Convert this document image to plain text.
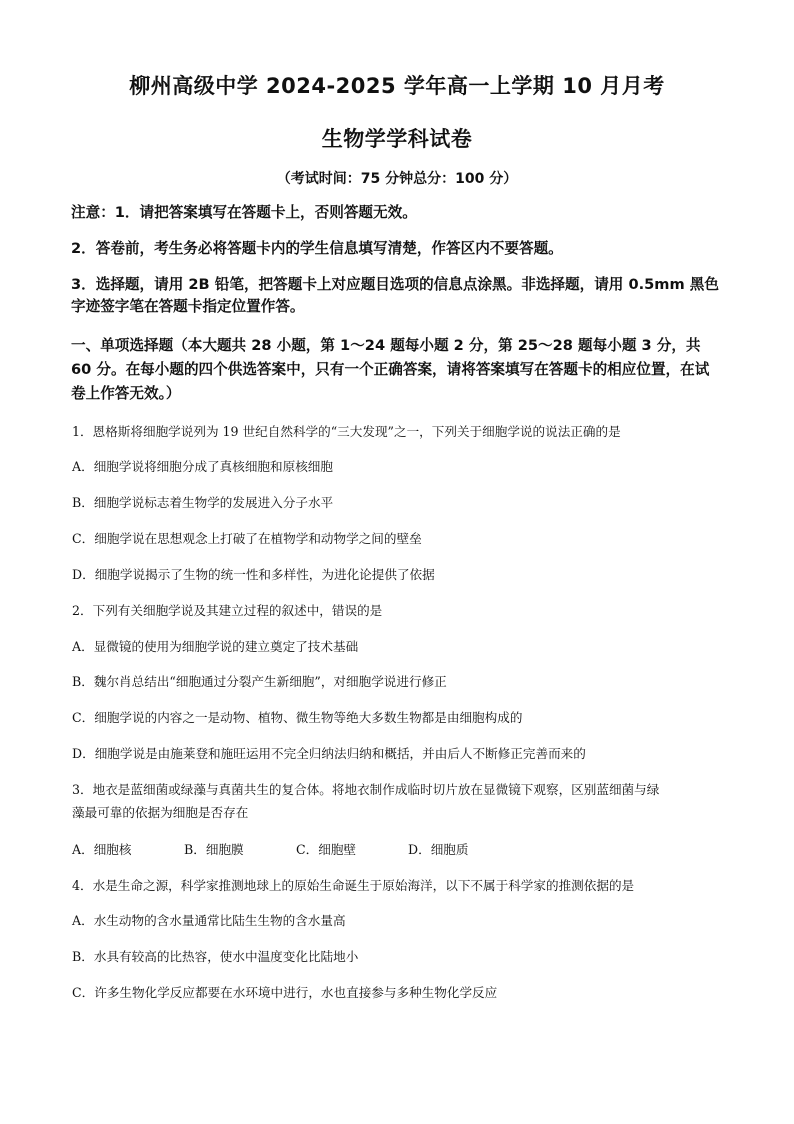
柳州高级中学 2024-2025 学年高一上学期 10 月月考
生物学学科试卷
（考试时间：75 分钟总分：100 分）

注意：1．请把答案填写在答题卡上，否则答题无效。

2．答卷前，考生务必将答题卡内的学生信息填写清楚，作答区内不要答题。

3．选择题，请用 2B 铅笔，把答题卡上对应题目选项的信息点涂黑。非选择题，请用 0.5mm 黑色字迹签字笔在答题卡指定位置作答。

一、单项选择题（本大题共 28 小题，第 1～24 题每小题 2 分，第 25～28 题每小题 3 分，共 60 分。在每小题的四个供选答案中，只有一个正确答案，请将答案填写在答题卡的相应位置，在试卷上作答无效。）

1．恩格斯将细胞学说列为 19 世纪自然科学的“三大发现”之一，下列关于细胞学说的说法正确的是

A．细胞学说将细胞分成了真核细胞和原核细胞

B．细胞学说标志着生物学的发展进入分子水平

C．细胞学说在思想观念上打破了在植物学和动物学之间的壁垒

D．细胞学说揭示了生物的统一性和多样性，为进化论提供了依据

2．下列有关细胞学说及其建立过程的叙述中，错误的是

A．显微镜的使用为细胞学说的建立奠定了技术基础

B．魏尔肖总结出“细胞通过分裂产生新细胞”，对细胞学说进行修正

C．细胞学说的内容之一是动物、植物、微生物等绝大多数生物都是由细胞构成的

D．细胞学说是由施莱登和施旺运用不完全归纳法归纳和概括，并由后人不断修正完善而来的

3．地衣是蓝细菌或绿藻与真菌共生的复合体。将地衣制作成临时切片放在显微镜下观察，区别蓝细菌与绿

藻最可靠的依据为细胞是否存在

A．细胞核	B．细胞膜	C．细胞壁	D．细胞质

4．水是生命之源，科学家推测地球上的原始生命诞生于原始海洋，以下不属于科学家的推测依据的是

A．水生动物的含水量通常比陆生生物的含水量高

B．水具有较高的比热容，使水中温度变化比陆地小

C．许多生物化学反应都要在水环境中进行，水也直接参与多种生物化学反应
